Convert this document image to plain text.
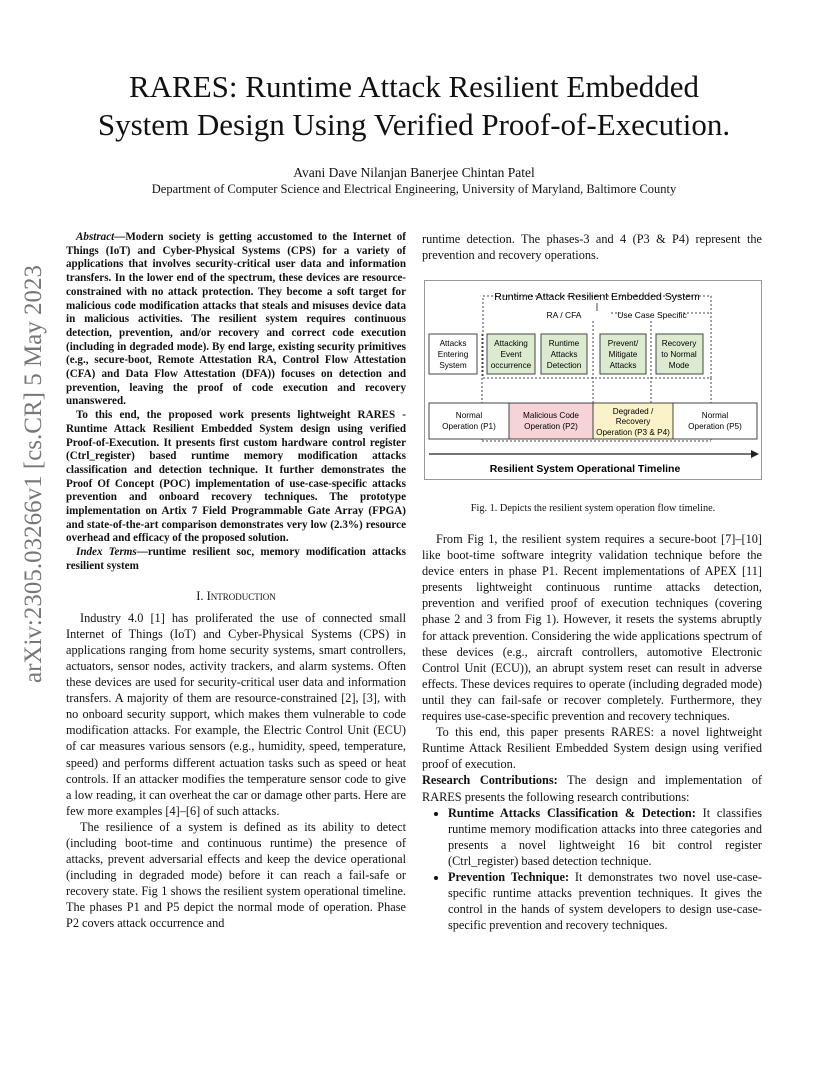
RARES: Runtime Attack Resilient Embedded
System Design Using Verified Proof-of-Execution.
Avani Dave Nilanjan Banerjee Chintan Patel
Department of Computer Science and Electrical Engineering, University of Maryland, Baltimore County
arXiv:2305.03266v1 [cs.CR] 5 May 2023

Abstract—Modern society is getting accustomed to the Internet of Things (IoT) and Cyber-Physical Systems (CPS) for a variety of applications that involves security-critical user data and information transfers. In the lower end of the spectrum, these devices are resource-constrained with no attack protection. They become a soft target for malicious code modification attacks that steals and misuses device data in malicious activities. The resilient system requires continuous detection, prevention, and/or recovery and correct code execution (including in degraded mode). By end large, existing security primitives (e.g., secure-boot, Remote Attestation RA, Control Flow Attestation (CFA) and Data Flow Attestation (DFA)) focuses on detection and prevention, leaving the proof of code execution and recovery unanswered.

To this end, the proposed work presents lightweight RARES - Runtime Attack Resilient Embedded System design using verified Proof-of-Execution. It presents first custom hardware control register (Ctrl_register) based runtime memory modification attacks classification and detection technique. It further demonstrates the Proof Of Concept (POC) implementation of use-case-specific attacks prevention and onboard recovery techniques. The prototype implementation on Artix 7 Field Programmable Gate Array (FPGA) and state-of-the-art comparison demonstrates very low (2.3%) resource overhead and efficacy of the proposed solution.

Index Terms—runtime resilient soc, memory modification attacks resilient system

I. Introduction

Industry 4.0 [1] has proliferated the use of connected small Internet of Things (IoT) and Cyber-Physical Systems (CPS) in applications ranging from home security systems, smart controllers, actuators, sensor nodes, activity trackers, and alarm systems. Often these devices are used for security-critical user data and information transfers. A majority of them are resource-constrained [2], [3], with no onboard security support, which makes them vulnerable to code modification attacks. For example, the Electric Control Unit (ECU) of car measures various sensors (e.g., humidity, speed, temperature, speed) and performs different actuation tasks such as speed or heat controls. If an attacker modifies the temperature sensor code to give a low reading, it can overheat the car or damage other parts. Here are few more examples [4]–[6] of such attacks.

The resilience of a system is defined as its ability to detect (including boot-time and continuous runtime) the presence of attacks, prevent adversarial effects and keep the device operational (including in degraded mode) before it can reach a fail-safe or recovery state. Fig 1 shows the resilient system operational timeline. The phases P1 and P5 depict the normal mode of operation. Phase P2 covers attack occurrence and

runtime detection. The phases-3 and 4 (P3 & P4) represent the prevention and recovery operations.

Runtime Attack Resilient Embedded System
RA / CFA	Use Case Specific
Attacks Entering System
Attacking Event occurrence
Runtime Attacks Detection
Prevent/ Mitigate Attacks
Recovery to Normal Mode
Normal Operation (P1)
Malicious Code Operation (P2)
Degraded / Recovery Operation (P3 & P4)
Normal Operation (P5)
Resilient System Operational Timeline
Fig. 1. Depicts the resilient system operation flow timeline.

From Fig 1, the resilient system requires a secure-boot [7]–[10] like boot-time software integrity validation technique before the device enters in phase P1. Recent implementations of APEX [11] presents lightweight continuous runtime attacks detection, prevention and verified proof of execution techniques (covering phase 2 and 3 from Fig 1). However, it resets the systems abruptly for attack prevention. Considering the wide applications spectrum of these devices (e.g., aircraft controllers, automotive Electronic Control Unit (ECU)), an abrupt system reset can result in adverse effects. These devices requires to operate (including degraded mode) until they can fail-safe or recover completely. Furthermore, they requires use-case-specific prevention and recovery techniques.

To this end, this paper presents RARES: a novel lightweight Runtime Attack Resilient Embedded System design using verified proof of execution.

Research Contributions: The design and implementation of RARES presents the following research contributions:

• Runtime Attacks Classification & Detection: It classifies runtime memory modification attacks into three categories and presents a novel lightweight 16 bit control register (Ctrl_register) based detection technique.
• Prevention Technique: It demonstrates two novel use-case-specific runtime attacks prevention techniques. It gives the control in the hands of system developers to design use-case-specific prevention and recovery techniques.
